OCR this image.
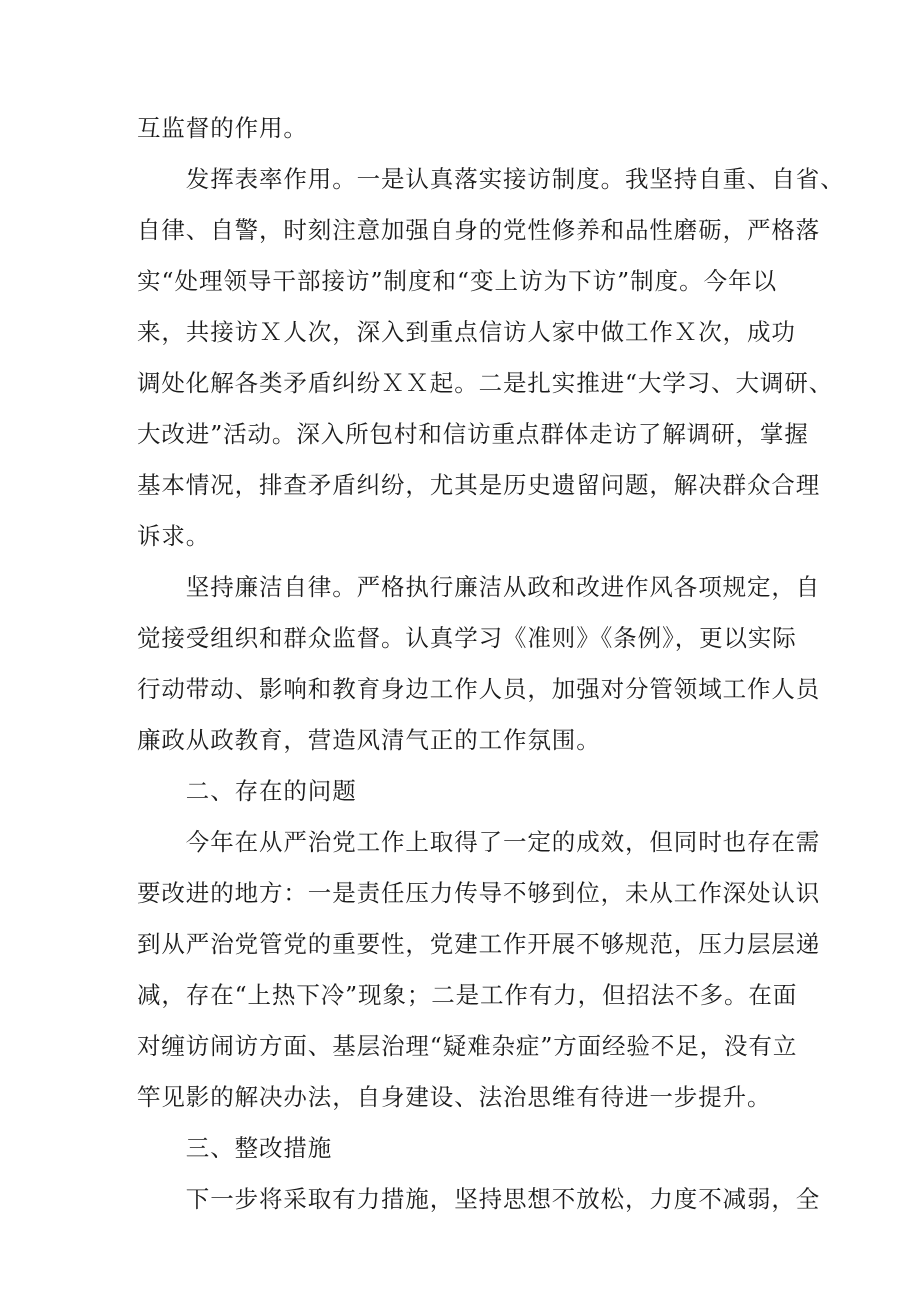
互监督的作用。
　　发挥表率作用。一是认真落实接访制度。我坚持自重、自省、
自律、自警，时刻注意加强自身的党性修养和品性磨砺，严格落
实“处理领导干部接访”制度和“变上访为下访”制度。今年以
来，共接访Ｘ人次，深入到重点信访人家中做工作Ｘ次，成功
调处化解各类矛盾纠纷ＸＸ起。二是扎实推进“大学习、大调研、
大改进”活动。深入所包村和信访重点群体走访了解调研，掌握
基本情况，排查矛盾纠纷，尤其是历史遗留问题，解决群众合理
诉求。
　　坚持廉洁自律。严格执行廉洁从政和改进作风各项规定，自
觉接受组织和群众监督。认真学习《准则》《条例》，更以实际
行动带动、影响和教育身边工作人员，加强对分管领域工作人员
廉政从政教育，营造风清气正的工作氛围。
　　二、存在的问题
　　今年在从严治党工作上取得了一定的成效，但同时也存在需
要改进的地方：一是责任压力传导不够到位，未从工作深处认识
到从严治党管党的重要性，党建工作开展不够规范，压力层层递
减，存在“上热下冷”现象；二是工作有力，但招法不多。在面
对缠访闹访方面、基层治理“疑难杂症”方面经验不足，没有立
竿见影的解决办法，自身建设、法治思维有待进一步提升。
　　三、整改措施
　　下一步将采取有力措施，坚持思想不放松，力度不减弱，全
